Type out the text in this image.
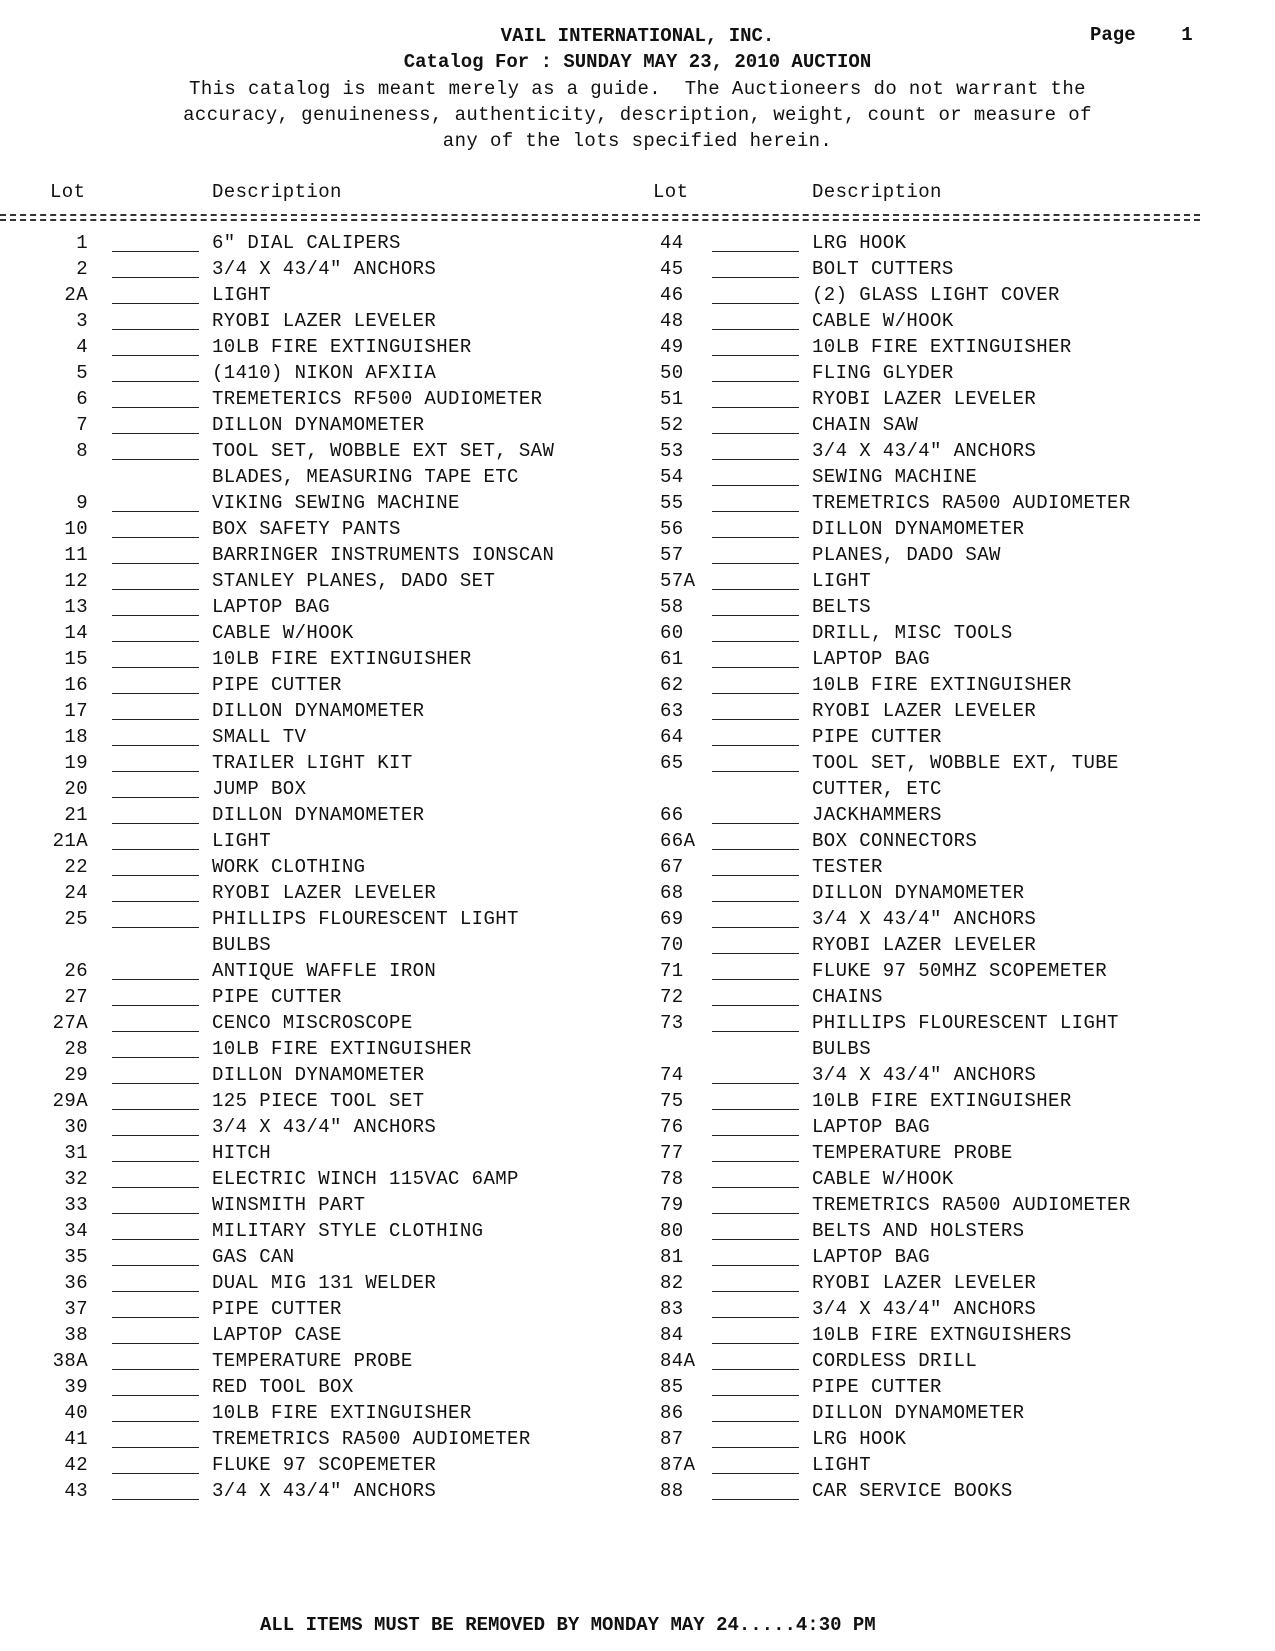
VAIL INTERNATIONAL, INC.	Page    1
Catalog For : SUNDAY MAY 23, 2010 AUCTION
This catalog is meant merely as a guide.  The Auctioneers do not warrant the
accuracy, genuineness, authenticity, description, weight, count or measure of
any of the lots specified herein.
Lot	Description	Lot	Description
1	6" DIAL CALIPERS
2	3/4 X 43/4" ANCHORS
2A	LIGHT
3	RYOBI LAZER LEVELER
4	10LB FIRE EXTINGUISHER
5	(1410) NIKON AFXIIA
6	TREMETERICS RF500 AUDIOMETER
7	DILLON DYNAMOMETER
8	TOOL SET, WOBBLE EXT SET, SAW
BLADES, MEASURING TAPE ETC
9	VIKING SEWING MACHINE
10	BOX SAFETY PANTS
11	BARRINGER INSTRUMENTS IONSCAN
12	STANLEY PLANES, DADO SET
13	LAPTOP BAG
14	CABLE W/HOOK
15	10LB FIRE EXTINGUISHER
16	PIPE CUTTER
17	DILLON DYNAMOMETER
18	SMALL TV
19	TRAILER LIGHT KIT
20	JUMP BOX
21	DILLON DYNAMOMETER
21A	LIGHT
22	WORK CLOTHING
24	RYOBI LAZER LEVELER
25	PHILLIPS FLOURESCENT LIGHT
BULBS
26	ANTIQUE WAFFLE IRON
27	PIPE CUTTER
27A	CENCO MISCROSCOPE
28	10LB FIRE EXTINGUISHER
29	DILLON DYNAMOMETER
29A	125 PIECE TOOL SET
30	3/4 X 43/4" ANCHORS
31	HITCH
32	ELECTRIC WINCH 115VAC 6AMP
33	WINSMITH PART
34	MILITARY STYLE CLOTHING
35	GAS CAN
36	DUAL MIG 131 WELDER
37	PIPE CUTTER
38	LAPTOP CASE
38A	TEMPERATURE PROBE
39	RED TOOL BOX
40	10LB FIRE EXTINGUISHER
41	TREMETRICS RA500 AUDIOMETER
42	FLUKE 97 SCOPEMETER
43	3/4 X 43/4" ANCHORS
44	LRG HOOK
45	BOLT CUTTERS
46	(2) GLASS LIGHT COVER
48	CABLE W/HOOK
49	10LB FIRE EXTINGUISHER
50	FLING GLYDER
51	RYOBI LAZER LEVELER
52	CHAIN SAW
53	3/4 X 43/4" ANCHORS
54	SEWING MACHINE
55	TREMETRICS RA500 AUDIOMETER
56	DILLON DYNAMOMETER
57	PLANES, DADO SAW
57A	LIGHT
58	BELTS
60	DRILL, MISC TOOLS
61	LAPTOP BAG
62	10LB FIRE EXTINGUISHER
63	RYOBI LAZER LEVELER
64	PIPE CUTTER
65	TOOL SET, WOBBLE EXT, TUBE
CUTTER, ETC
66	JACKHAMMERS
66A	BOX CONNECTORS
67	TESTER
68	DILLON DYNAMOMETER
69	3/4 X 43/4" ANCHORS
70	RYOBI LAZER LEVELER
71	FLUKE 97 50MHZ SCOPEMETER
72	CHAINS
73	PHILLIPS FLOURESCENT LIGHT
BULBS
74	3/4 X 43/4" ANCHORS
75	10LB FIRE EXTINGUISHER
76	LAPTOP BAG
77	TEMPERATURE PROBE
78	CABLE W/HOOK
79	TREMETRICS RA500 AUDIOMETER
80	BELTS AND HOLSTERS
81	LAPTOP BAG
82	RYOBI LAZER LEVELER
83	3/4 X 43/4" ANCHORS
84	10LB FIRE EXTNGUISHERS
84A	CORDLESS DRILL
85	PIPE CUTTER
86	DILLON DYNAMOMETER
87	LRG HOOK
87A	LIGHT
88	CAR SERVICE BOOKS
ALL ITEMS MUST BE REMOVED BY MONDAY MAY 24.....4:30 PM
